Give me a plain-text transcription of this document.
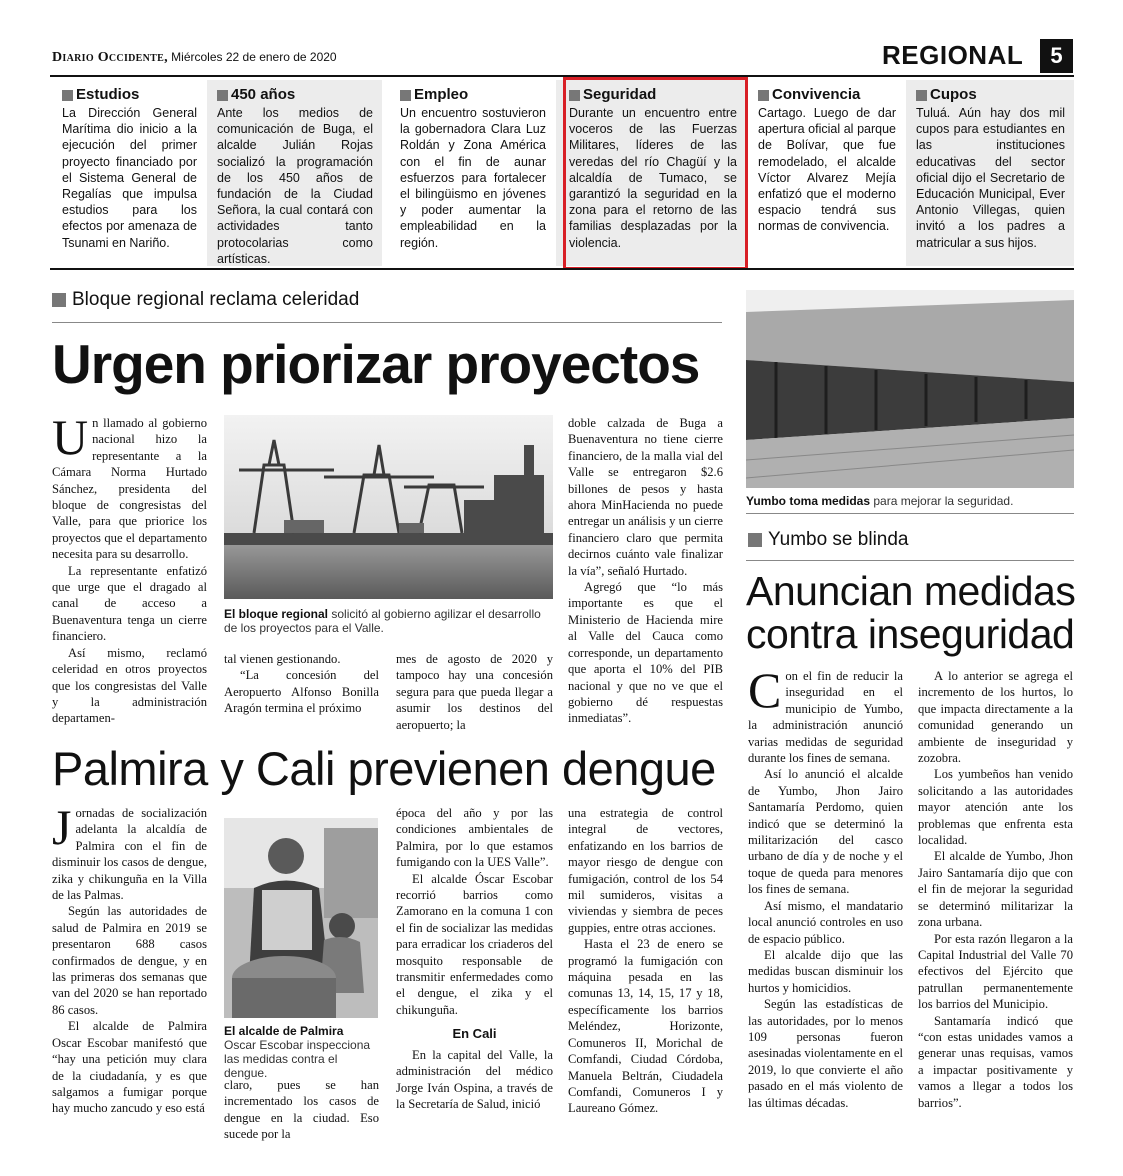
Diario Occidente, Miércoles 22 de enero de 2020	REGIONAL	5
Estudios

La Dirección General Marítima dio inicio a la ejecución del primer proyecto financiado por el Sistema General de Regalías que impulsa estudios para los efectos por amenaza de Tsunami en Nariño.

450 años

Ante los medios de comunicación de Buga, el alcalde Julián Rojas socializó la programación de los 450 años de fundación de la Ciudad Señora, la cual contará con actividades tanto protocolarias como artísticas.

Empleo

Un encuentro sostuvieron la gobernadora Clara Luz Roldán y Zona América con el fin de aunar esfuerzos para fortalecer el bilingüismo en jóvenes y poder aumentar la empleabilidad en la región.

Seguridad

Durante un encuentro entre voceros de las Fuerzas Militares, líderes de las veredas del río Chagüí y la alcaldía de Tumaco, se garantizó la seguridad en la zona para el retorno de las familias desplazadas por la violencia.

Convivencia

Cartago. Luego de dar apertura oficial al parque de Bolívar, que fue remodelado, el alcalde Víctor Alvarez Mejía enfatizó que el moderno espacio tendrá sus normas de convivencia.

Cupos

Tuluá. Aún hay dos mil cupos para estudiantes en las instituciones educativas del sector oficial dijo el Secretario de Educación Municipal, Ever Antonio Villegas, quien invitó a los padres a matricular a sus hijos.

Bloque regional reclama celeridad
Urgen priorizar proyectos

Un llamado al gobierno nacional hizo la representante a la Cámara Norma Hurtado Sánchez, presidenta del bloque de congresistas del Valle, para que priorice los proyectos que el departamento necesita para su desarrollo.

La representante enfatizó que urge que el dragado al canal de acceso a Buenaventura tenga un cierre financiero.

Así mismo, reclamó celeridad en otros proyectos que los congresistas del Valle y la administración departamen-

El bloque regional solicitó al gobierno agilizar el desarrollo de los proyectos para el Valle.

tal vienen gestionando.

“La concesión del Aeropuerto Alfonso Bonilla Aragón termina el próximo

mes de agosto de 2020 y tampoco hay una concesión segura para que pueda llegar a asumir los destinos del aeropuerto; la

doble calzada de Buga a Buenaventura no tiene cierre financiero, de la malla vial del Valle se entregaron $2.6 billones de pesos y hasta ahora MinHacienda no puede entregar un análisis y un cierre financiero claro que permita decirnos cuánto vale finalizar la vía”, señaló Hurtado.

Agregó que “lo más importante es que el Ministerio de Hacienda mire al Valle del Cauca como corresponde, un departamento que aporta el 10% del PIB nacional y que no ve que el gobierno dé respuestas inmediatas”.

Palmira y Cali previenen dengue

Jornadas de socialización adelanta la alcaldía de Palmira con el fin de disminuir los casos de dengue, zika y chikunguña en la Villa de las Palmas.

Según las autoridades de salud de Palmira en 2019 se presentaron 688 casos confirmados de dengue, y en las primeras dos semanas que van del 2020 se han reportado 86 casos.

El alcalde de Palmira Oscar Escobar manifestó que “hay una petición muy clara de la ciudadanía, y es que salgamos a fumigar porque hay mucho zancudo y eso está

El alcalde de Palmira Oscar Escobar inspecciona las medidas contra el dengue.

claro, pues se han incrementado los casos de dengue en la ciudad. Eso sucede por la

época del año y por las condiciones ambientales de Palmira, por lo que estamos fumigando con la UES Valle”.

El alcalde Óscar Escobar recorrió barrios como Zamorano en la comuna 1 con el fin de socializar las medidas para erradicar los criaderos del mosquito responsable de transmitir enfermedades como el dengue, el zika y el chikunguña.

En Cali

En la capital del Valle, la administración del médico Jorge Iván Ospina, a través de la Secretaría de Salud, inició

una estrategia de control integral de vectores, enfatizando en los barrios de mayor riesgo de dengue con fumigación, control de los 54 mil sumideros, visitas a viviendas y siembra de peces guppies, entre otras acciones.

Hasta el 23 de enero se programó la fumigación con máquina pesada en las comunas 13, 14, 15, 17 y 18, específicamente los barrios Meléndez, Horizonte, Comuneros II, Morichal de Comfandi, Ciudad Córdoba, Manuela Beltrán, Ciudadela Comfandi, Comuneros I y Laureano Gómez.

Yumbo toma medidas para mejorar la seguridad.
Yumbo se blinda
Anuncian medidas
contra inseguridad

Con el fin de reducir la inseguridad en el municipio de Yumbo, la administración anunció varias medidas de seguridad durante los fines de semana.

Así lo anunció el alcalde de Yumbo, Jhon Jairo Santamaría Perdomo, quien indicó que se determinó la militarización del casco urbano de día y de noche y el toque de queda para menores los fines de semana.

Así mismo, el mandatario local anunció controles en uso de espacio público.

El alcalde dijo que las medidas buscan disminuir los hurtos y homicidios.

Según las estadísticas de las autoridades, por lo menos 109 personas fueron asesinadas violentamente en el 2019, lo que convierte el año pasado en el más violento de las últimas décadas.

A lo anterior se agrega el incremento de los hurtos, lo que impacta directamente a la comunidad generando un ambiente de inseguridad y zozobra.

Los yumbeños han venido solicitando a las autoridades mayor atención ante los problemas que enfrenta esta localidad.

El alcalde de Yumbo, Jhon Jairo Santamaría dijo que con el fin de mejorar la seguridad se determinó militarizar la zona urbana.

Por esta razón llegaron a la Capital Industrial del Valle 70 efectivos del Ejército que patrullan permanentemente los barrios del Municipio.

Santamaría indicó que “con estas unidades vamos a generar unas requisas, vamos a impactar positivamente y vamos a llegar a todos los barrios”.
